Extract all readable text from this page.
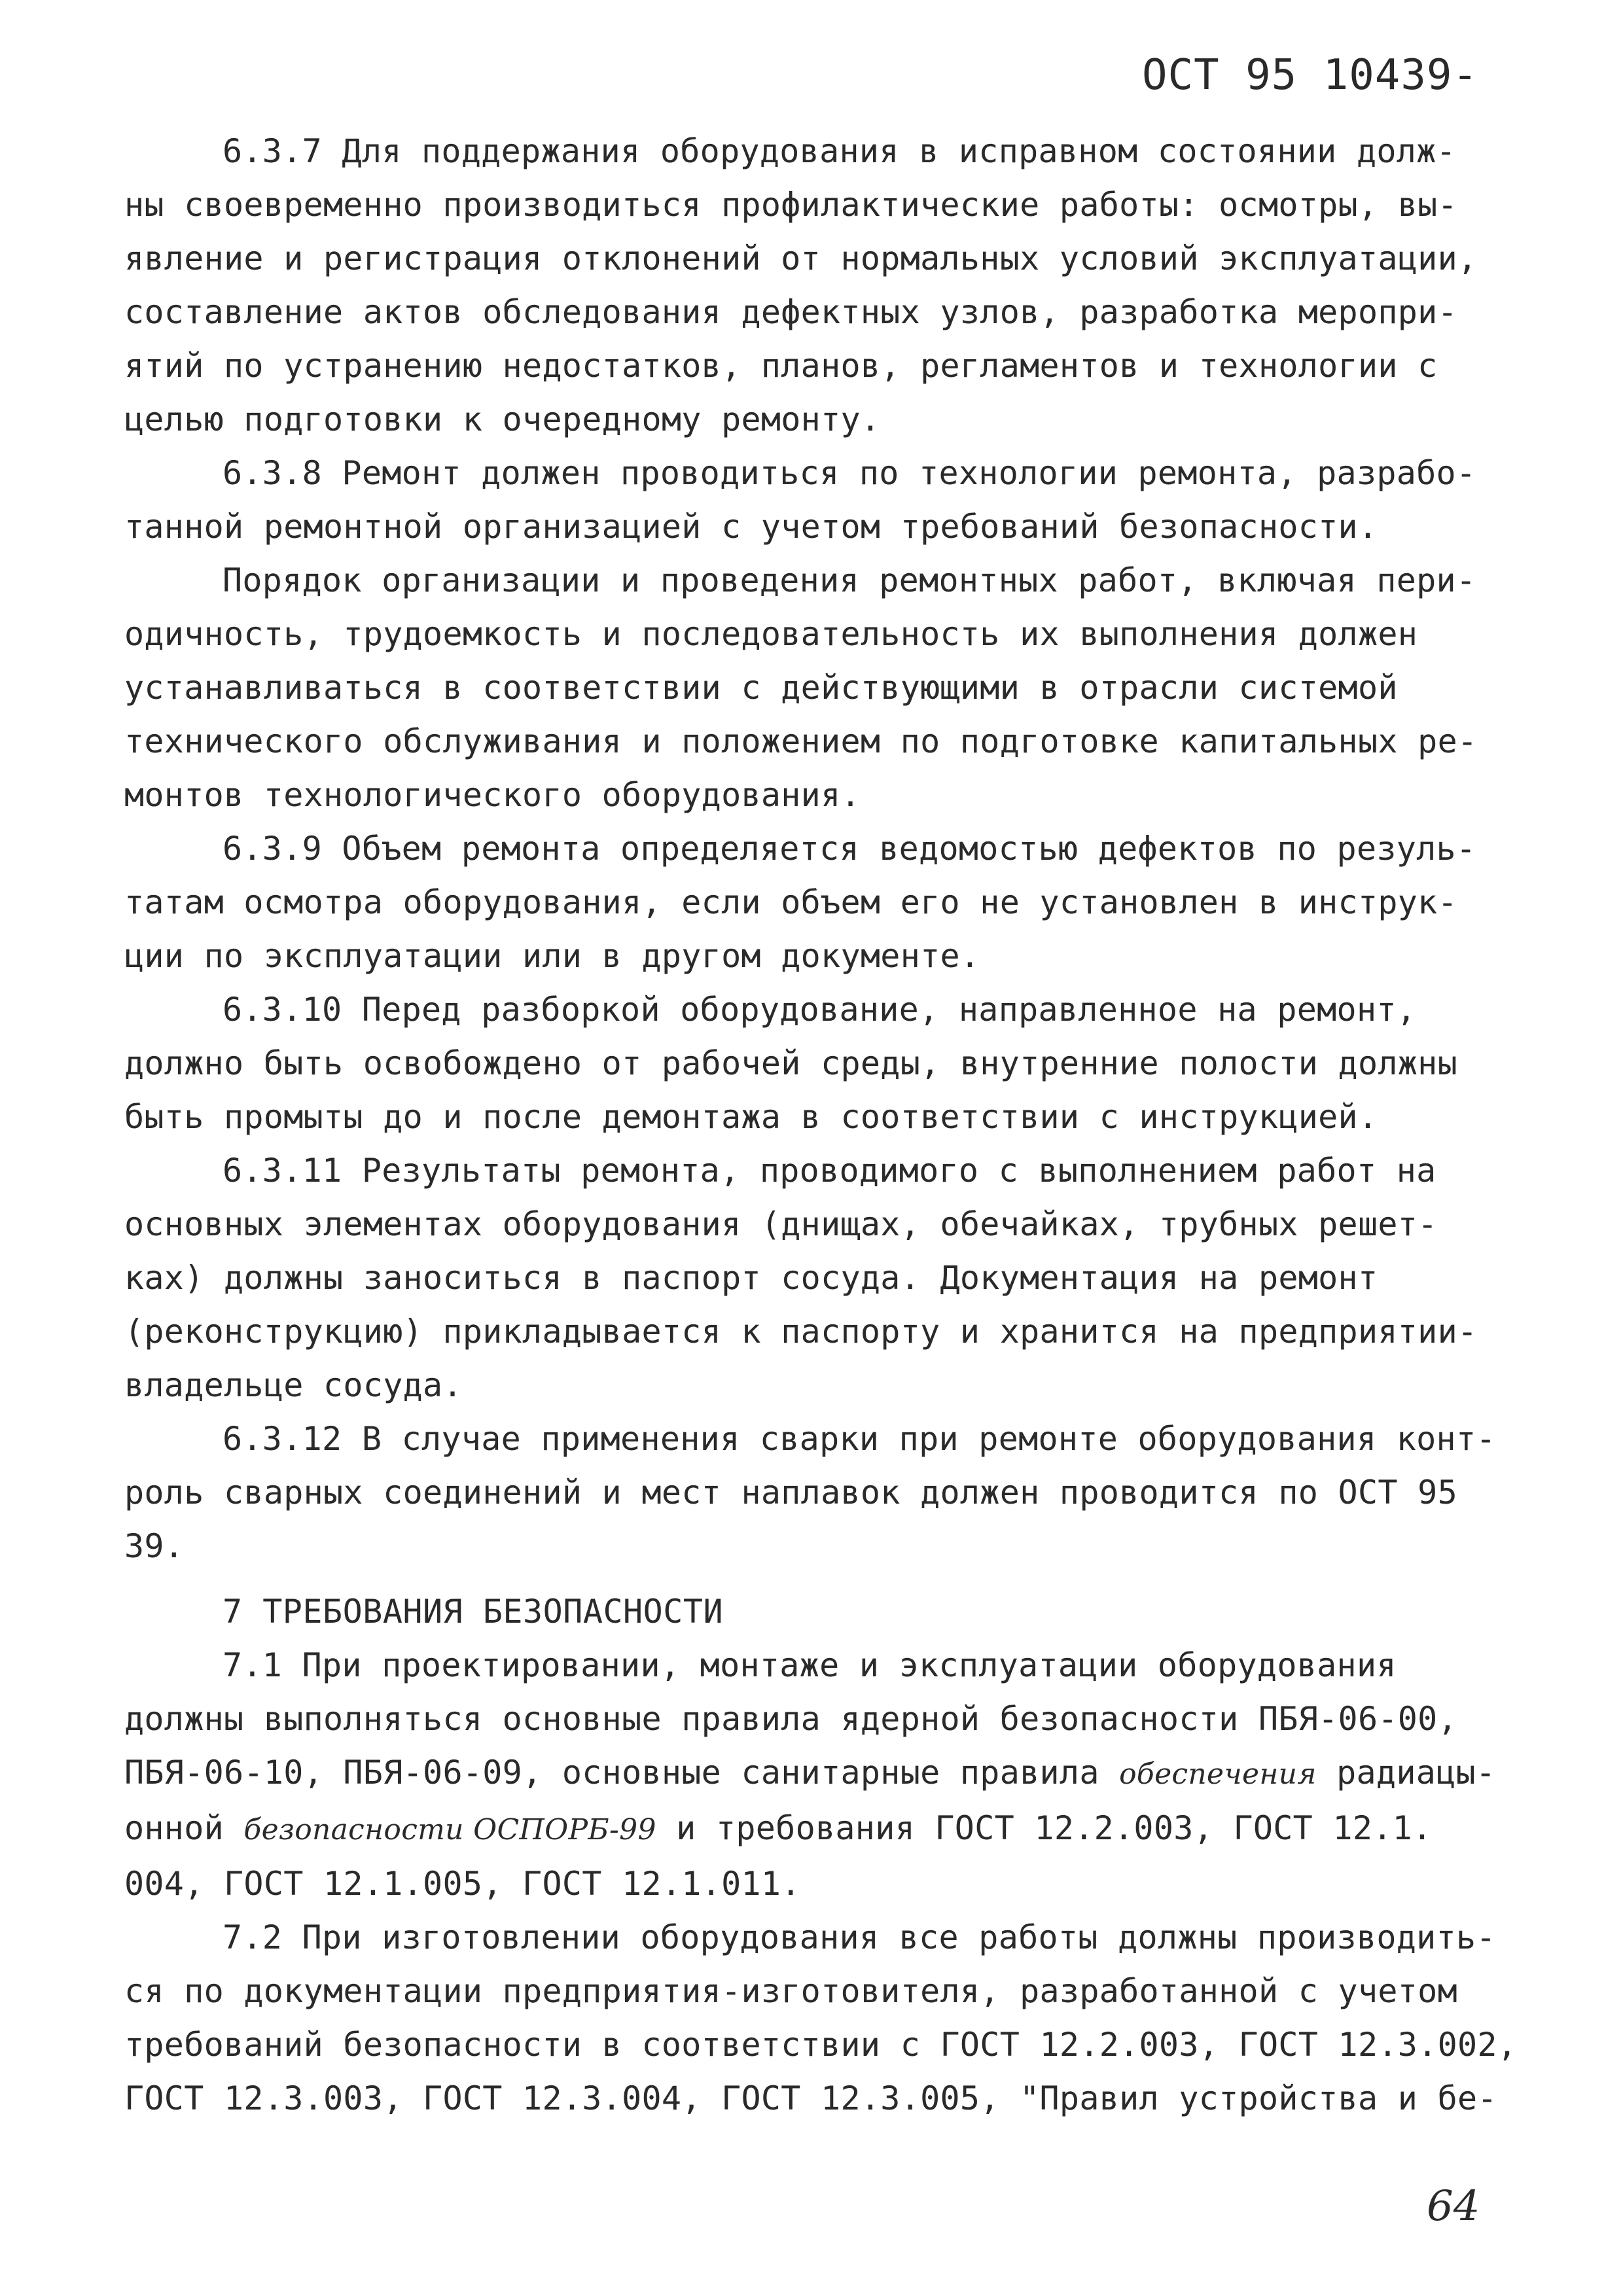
ОСТ 95 10439-

6.3.7 Для поддержания оборудования в исправном состоянии долж-
ны своевременно производиться профилактические работы: осмотры, вы-
явление и регистрация отклонений от нормальных условий эксплуатации,
составление актов обследования дефектных узлов, разработка меропри-
ятий по устранению недостатков, планов, регламентов и технологии с
целью подготовки к очередному ремонту.

6.3.8 Ремонт должен проводиться по технологии ремонта, разрабо-
танной ремонтной организацией с учетом требований безопасности.

Порядок организации и проведения ремонтных работ, включая пери-
одичность, трудоемкость и последовательность их выполнения должен
устанавливаться в соответствии с действующими в отрасли системой
технического обслуживания и положением по подготовке капитальных ре-
монтов технологического оборудования.

6.3.9 Объем ремонта определяется ведомостью дефектов по резуль-
татам осмотра оборудования, если объем его не установлен в инструк-
ции по эксплуатации или в другом документе.

6.3.10 Перед разборкой оборудование, направленное на ремонт,
должно быть освобождено от рабочей среды, внутренние полости должны
быть промыты до и после демонтажа в соответствии с инструкцией.

6.3.11 Результаты ремонта, проводимого с выполнением работ на
основных элементах оборудования (днищах, обечайках, трубных решет-
ках) должны заноситься в паспорт сосуда. Документация на ремонт
(реконструкцию) прикладывается к паспорту и хранится на предприятии-
владельце сосуда.

6.3.12 В случае применения сварки при ремонте оборудования конт-
роль сварных соединений и мест наплавок должен проводится по ОСТ 95
39.

7 ТРЕБОВАНИЯ БЕЗОПАСНОСТИ

7.1 При проектировании, монтаже и эксплуатации оборудования
должны выполняться основные правила ядерной безопасности ПБЯ-06-00,
ПБЯ-06-10, ПБЯ-06-09, основные санитарные правила обеспечения радиацы-
онной безопасности ОСПОРБ-99 и требования ГОСТ 12.2.003, ГОСТ 12.1.
004, ГОСТ 12.1.005, ГОСТ 12.1.011.

7.2 При изготовлении оборудования все работы должны производить-
ся по документации предприятия-изготовителя, разработанной с учетом
требований безопасности в соответствии с ГОСТ 12.2.003, ГОСТ 12.3.002,
ГОСТ 12.3.003, ГОСТ 12.3.004, ГОСТ 12.3.005, "Правил устройства и бе-

64
